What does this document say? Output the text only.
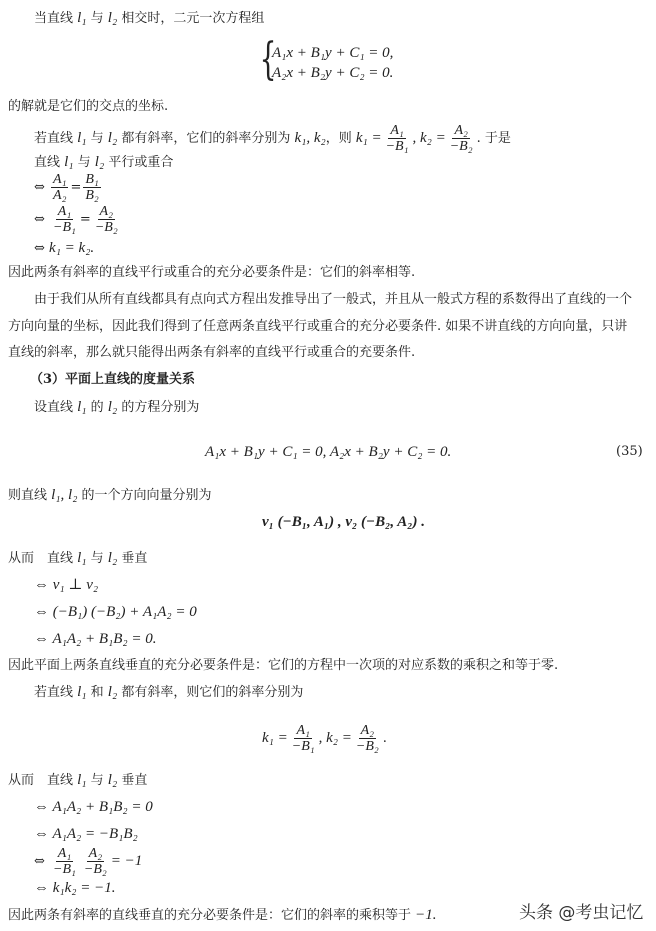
当直线 l₁ 与 l₂ 相交时，二元一次方程组
{
A₁x + B₁y + C₁ = 0,
A₂x + B₂y + C₂ = 0.
的解就是它们的交点的坐标.
若直线 l₁ 与 l₂ 都有斜率，它们的斜率分别为 k₁, k₂，则 $k_1 = \frac{\text{A₁}}{\text{−B₁}}$ , $k_2 = \frac{\text{A₂}}{\text{−B₂}}$ . 于是
直线 l₁ 与 l₂ 平行或重合
⇔ $\frac{\text{A₁}}{\text{A₂}} = \frac{\text{B₁}}{\text{B₂}}$
⇔ $\frac{\text{A₁}}{\text{−B₁}} = \frac{\text{A₂}}{\text{−B₂}}$
⇔ k₁ = k₂.
因此两条有斜率的直线平行或重合的充分必要条件是：它们的斜率相等.
由于我们从所有直线都具有点向式方程出发推导出了一般式，并且从一般式方程的系数得出了直线的一个
方向向量的坐标，因此我们得到了任意两条直线平行或重合的充分必要条件. 如果不讲直线的方向向量，只讲
直线的斜率，那么就只能得出两条有斜率的直线平行或重合的充要条件.
（3）平面上直线的度量关系
设直线 l₁ 的 l₂ 的方程分别为
A₁x + B₁y + C₁ = 0, A₂x + B₂y + C₂ = 0.	(35)
则直线 l₁, l₂ 的一个方向向量分别为
ν₁ (−B₁, A₁) , ν₂ (−B₂, A₂) .
从而　直线 l₁ 与 l₂ 垂直
⇔ ν₁ ⊥ ν₂
⇔ (−B₁) (−B₂) + A₁A₂ = 0
⇔ A₁A₂ + B₁B₂ = 0.
因此平面上两条直线垂直的充分必要条件是：它们的方程中一次项的对应系数的乘积之和等于零.
若直线 l₁ 和 l₂ 都有斜率，则它们的斜率分别为
$k_1 = \frac{\text{A₁}}{\text{−B₁}}$ , $k_2 = \frac{\text{A₂}}{\text{−B₂}}$ .
从而　直线 l₁ 与 l₂ 垂直
⇔ A₁A₂ + B₁B₂ = 0
⇔ A₁A₂ = −B₁B₂
⇔ $\frac{\text{A₁}}{\text{−B₁}} \frac{\text{A₂}}{\text{−B₂}} = -1$
⇔ k₁k₂ = −1.
因此两条有斜率的直线垂直的充分必要条件是：它们的斜率的乘积等于 −1.	头条 @考虫记忆
